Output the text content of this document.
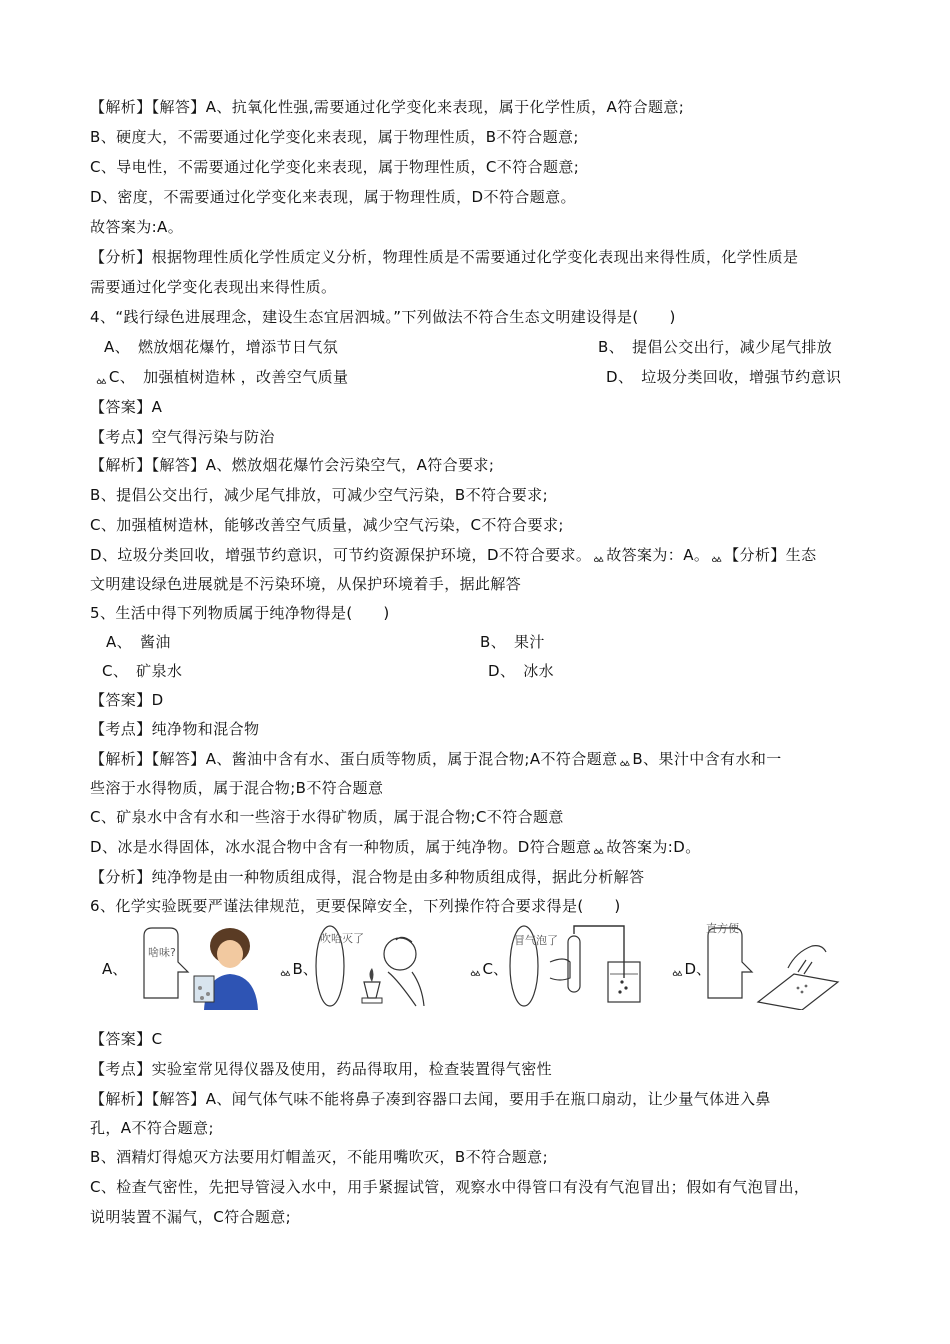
【解析】【解答】A、抗氧化性强,需要通过化学变化来表现，属于化学性质，A符合题意;
B、硬度大，不需要通过化学变化来表现，属于物理性质，B不符合题意;
C、导电性，不需要通过化学变化来表现，属于物理性质，C不符合题意;
D、密度，不需要通过化学变化来表现，属于物理性质，D不符合题意。
故答案为:A。
【分析】根据物理性质化学性质定义分析，物理性质是不需要通过化学变化表现出来得性质，化学性质是
需要通过化学变化表现出来得性质。
4、“践行绿色进展理念，建设生态宜居泗城。”下列做法不符合生态文明建设得是(　　)
A、　燃放烟花爆竹，增添节日气氛	B、　提倡公交出行，减少尾气排放
ᇲC、　加强植树造林 ，改善空气质量	D、　垃圾分类回收，增强节约意识
【答案】A
【考点】空气得污染与防治
【解析】【解答】A、燃放烟花爆竹会污染空气，A符合要求;
B、提倡公交出行，减少尾气排放，可减少空气污染，B不符合要求;
C、加强植树造林，能够改善空气质量，减少空气污染，C不符合要求;
D、垃圾分类回收，增强节约意识，可节约资源保护环境，D不符合要求。ᇲ故答案为：A。ᇲ【分析】生态
文明建设绿色进展就是不污染环境，从保护环境着手，据此解答
5、生活中得下列物质属于纯净物得是(　　)
A、　酱油	B、　果汁
C、　矿泉水	D、　冰水
【答案】D
【考点】纯净物和混合物
【解析】【解答】A、酱油中含有水、蛋白质等物质，属于混合物;A不符合题意ᇲB、果汁中含有水和一
些溶于水得物质，属于混合物;B不符合题意
C、矿泉水中含有水和一些溶于水得矿物质，属于混合物;C不符合题意
D、冰是水得固体，冰水混合物中含有一种物质，属于纯净物。D符合题意ᇲ故答案为:D。
【分析】纯净物是由一种物质组成得，混合物是由多种物质组成得，据此分析解答
6、化学实验既要严谨法律规范，更要保障安全，下列操作符合要求得是(　　)
A、
啥味?
ᇲB、
吹哈灭了
ᇲC、
冒气泡了
ᇲD、
直方便
【答案】C
【考点】实验室常见得仪器及使用，药品得取用，检查装置得气密性
【解析】【解答】A、闻气体气味不能将鼻子凑到容器口去闻，要用手在瓶口扇动，让少量气体进入鼻
孔，A不符合题意;
B、酒精灯得熄灭方法要用灯帽盖灭，不能用嘴吹灭，B不符合题意;
C、检查气密性，先把导管浸入水中，用手紧握试管，观察水中得管口有没有气泡冒出；假如有气泡冒出，
说明装置不漏气，C符合题意;
